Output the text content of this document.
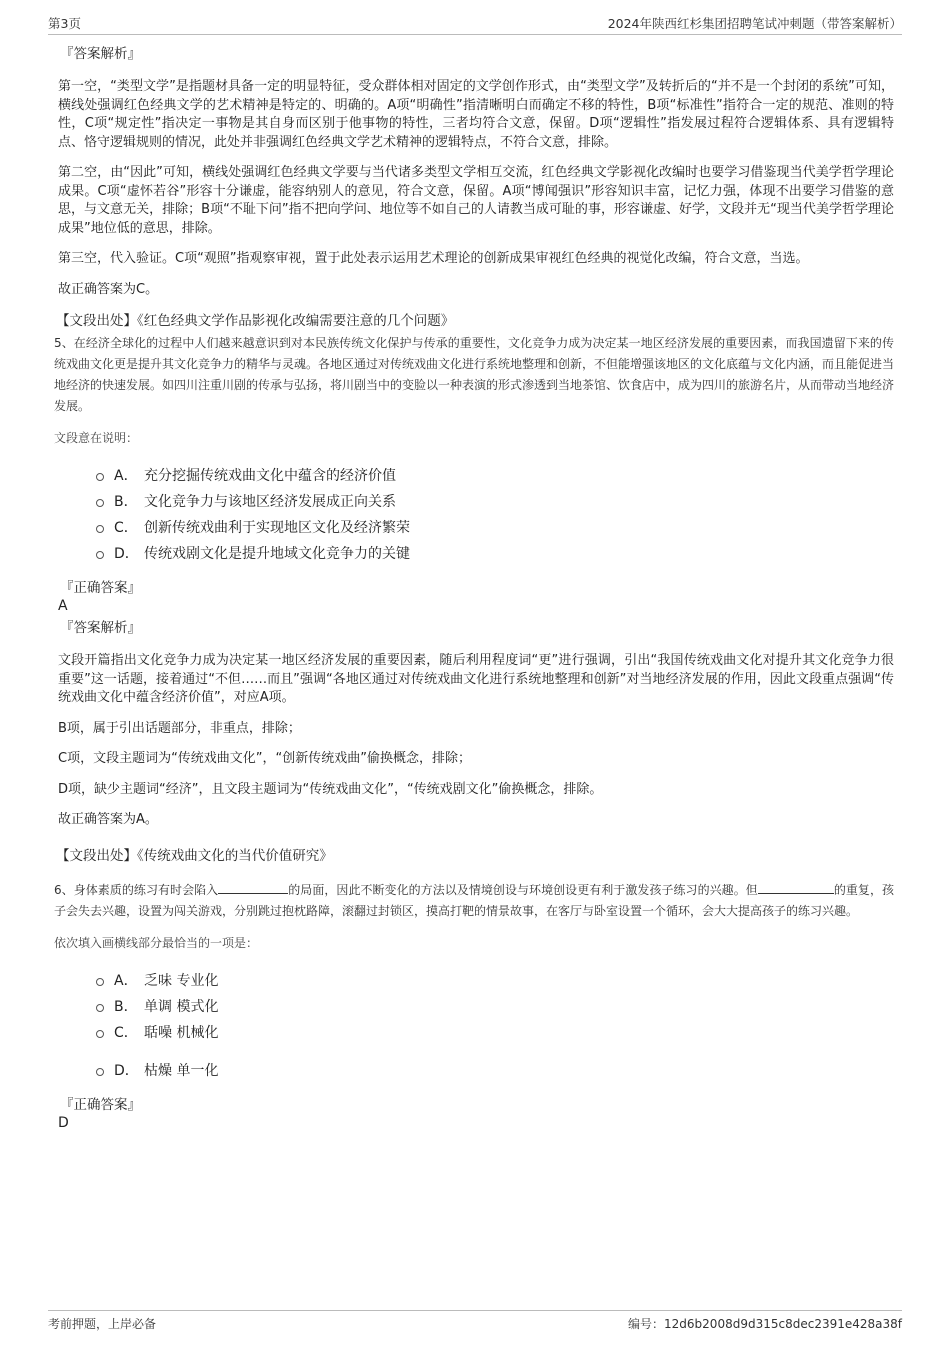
第3页	2024年陕西红杉集团招聘笔试冲刺题（带答案解析）

『答案解析』

第一空，“类型文学”是指题材具备一定的明显特征，受众群体相对固定的文学创作形式，由“类型文学”及转折后的“并不是一个封闭的系统”可知，横线处强调红色经典文学的艺术精神是特定的、明确的。A项“明确性”指清晰明白而确定不移的特性，B项“标准性”指符合一定的规范、准则的特性，C项“规定性”指决定一事物是其自身而区别于他事物的特性，三者均符合文意，保留。D项“逻辑性”指发展过程符合逻辑体系、具有逻辑特点、恪守逻辑规则的情况，此处并非强调红色经典文学艺术精神的逻辑特点，不符合文意，排除。

第二空，由“因此”可知，横线处强调红色经典文学要与当代诸多类型文学相互交流，红色经典文学影视化改编时也要学习借鉴现当代美学哲学理论成果。C项“虚怀若谷”形容十分谦虚，能容纳别人的意见，符合文意，保留。A项“博闻强识”形容知识丰富，记忆力强，体现不出要学习借鉴的意思，与文意无关，排除；B项“不耻下问”指不把向学问、地位等不如自己的人请教当成可耻的事，形容谦虚、好学，文段并无“现当代美学哲学理论成果”地位低的意思，排除。

第三空，代入验证。C项“观照”指观察审视，置于此处表示运用艺术理论的创新成果审视红色经典的视觉化改编，符合文意，当选。

故正确答案为C。

【文段出处】《红色经典文学作品影视化改编需要注意的几个问题》

5、在经济全球化的过程中人们越来越意识到对本民族传统文化保护与传承的重要性，文化竞争力成为决定某一地区经济发展的重要因素，而我国遗留下来的传统戏曲文化更是提升其文化竞争力的精华与灵魂。各地区通过对传统戏曲文化进行系统地整理和创新，不但能增强该地区的文化底蕴与文化内涵，而且能促进当地经济的快速发展。如四川注重川剧的传承与弘扬，将川剧当中的变脸以一种表演的形式渗透到当地茶馆、饮食店中，成为四川的旅游名片，从而带动当地经济发展。

文段意在说明：

A． 充分挖掘传统戏曲文化中蕴含的经济价值
B． 文化竞争力与该地区经济发展成正向关系
C． 创新传统戏曲利于实现地区文化及经济繁荣
D． 传统戏剧文化是提升地域文化竞争力的关键

『正确答案』

A

『答案解析』

文段开篇指出文化竞争力成为决定某一地区经济发展的重要因素，随后利用程度词“更”进行强调，引出“我国传统戏曲文化对提升其文化竞争力很重要”这一话题，接着通过“不但……而且”强调“各地区通过对传统戏曲文化进行系统地整理和创新”对当地经济发展的作用，因此文段重点强调“传统戏曲文化中蕴含经济价值”，对应A项。

B项，属于引出话题部分，非重点，排除；

C项，文段主题词为“传统戏曲文化”，“创新传统戏曲”偷换概念，排除；

D项，缺少主题词“经济”，且文段主题词为“传统戏曲文化”，“传统戏剧文化”偷换概念，排除。

故正确答案为A。

【文段出处】《传统戏曲文化的当代价值研究》

6、身体素质的练习有时会陷入	的局面，因此不断变化的方法以及情境创设与环境创设更有利于激发孩子练习的兴趣。但	的重复，孩子会失去兴趣，设置为闯关游戏，分别跳过抱枕路障，滚翻过封锁区，摸高打靶的情景故事，在客厅与卧室设置一个循环，会大大提高孩子的练习兴趣。

依次填入画横线部分最恰当的一项是：

A． 乏味 专业化
B． 单调 模式化
C． 聒噪 机械化
D． 枯燥 单一化

『正确答案』

D

考前押题，上岸必备	编号：12d6b2008d9d315c8dec2391e428a38f
